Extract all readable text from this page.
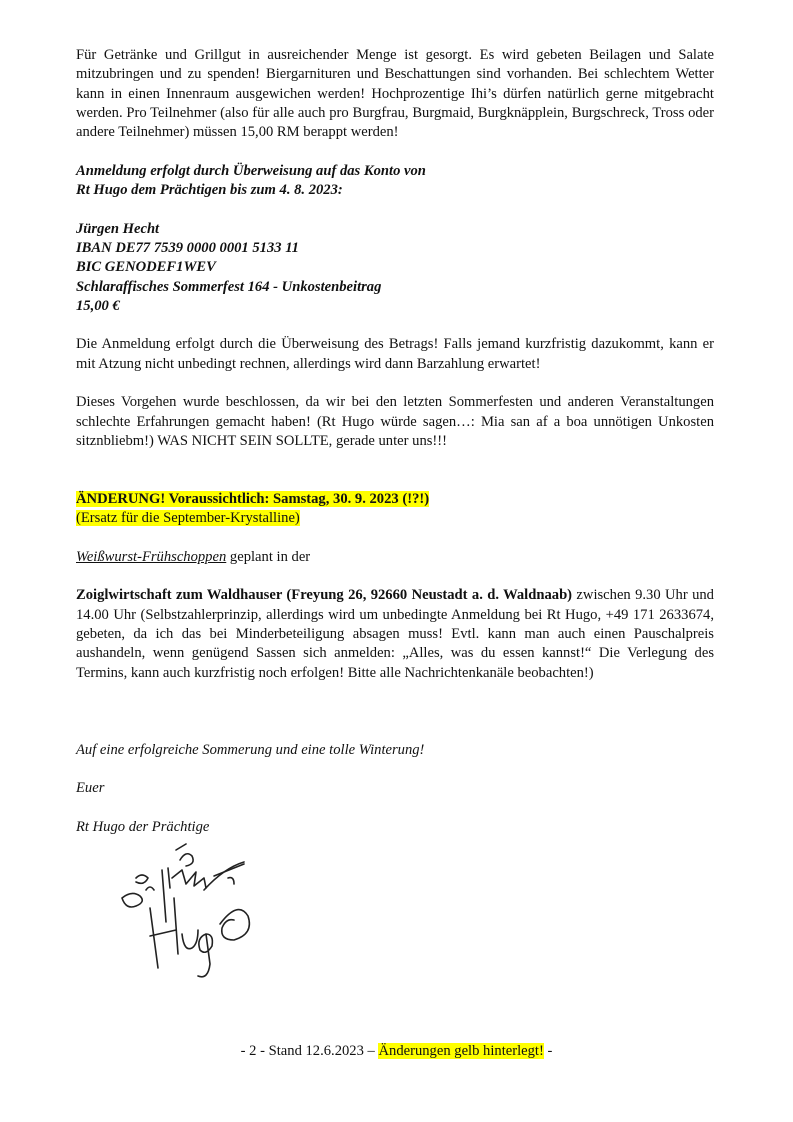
Für Getränke und Grillgut in ausreichender Menge ist gesorgt. Es wird gebeten Beilagen und Salate mitzubringen und zu spenden! Biergarnituren und Beschattungen sind vorhanden. Bei schlechtem Wetter kann in einen Innenraum ausgewichen werden! Hochprozentige Ihi’s dürfen natürlich gerne mitgebracht werden. Pro Teilnehmer (also für alle auch pro Burgfrau, Burgmaid, Burgknäpplein, Burgschreck, Tross oder andere Teilnehmer) müssen 15,00 RM berappt werden!

Anmeldung erfolgt durch Überweisung auf das Konto von

Rt Hugo dem Prächtigen bis zum 4. 8. 2023:

Jürgen Hecht

IBAN DE77 7539 0000 0001 5133 11

BIC GENODEF1WEV

Schlaraffisches Sommerfest 164 - Unkostenbeitrag

15,00 €

Die Anmeldung erfolgt durch die Überweisung des Betrags! Falls jemand kurzfristig dazukommt, kann er mit Atzung nicht unbedingt rechnen, allerdings wird dann Barzahlung erwartet!

Dieses Vorgehen wurde beschlossen, da wir bei den letzten Sommerfesten und anderen Veranstaltungen schlechte Erfahrungen gemacht haben! (Rt Hugo würde sagen…: Mia san af a boa unnötigen Unkosten sitznbliebm!) WAS NICHT SEIN SOLLTE, gerade unter uns!!!

ÄNDERUNG! Voraussichtlich: Samstag, 30. 9. 2023 (!?!)

(Ersatz für die September-Krystalline)

Weißwurst-Frühschoppen geplant in der

Zoiglwirtschaft zum Waldhauser (Freyung 26, 92660 Neustadt a. d. Waldnaab) zwischen 9.30 Uhr und 14.00 Uhr (Selbstzahlerprinzip, allerdings wird um unbedingte Anmeldung bei Rt Hugo, +49 171 2633674, gebeten, da ich das bei Minderbeteiligung absagen muss! Evtl. kann man auch einen Pauschalpreis aushandeln, wenn genügend Sassen sich anmelden: „Alles, was du essen kannst!“ Die Verlegung des Termins, kann auch kurzfristig noch erfolgen! Bitte alle Nachrichtenkanäle beobachten!)

Auf eine erfolgreiche Sommerung und eine tolle Winterung!

Euer

Rt Hugo der Prächtige

421 Hugo
- 2 - Stand 12.6.2023 – Änderungen gelb hinterlegt! -
